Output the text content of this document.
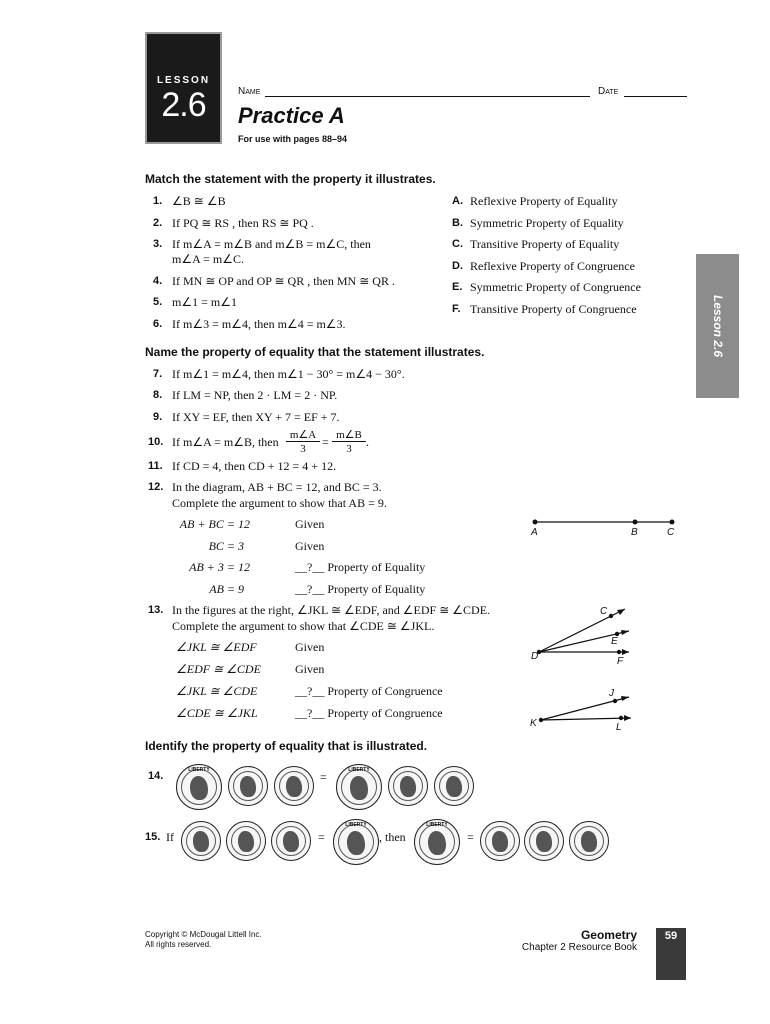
LESSON
2.6	Name	Date
Practice A
For use with pages 88–94
Lesson 2.6
Match the statement with the property it illustrates.
1. ∠B ≅ ∠B
2. If PQ ≅ RS , then RS ≅ PQ .
3. If m∠A = m∠B and m∠B = m∠C, then
m∠A = m∠C.
4. If MN ≅ OP and OP ≅ QR , then MN ≅ QR .
5. m∠1 = m∠1
6. If m∠3 = m∠4, then m∠4 = m∠3.
A. Reflexive Property of Equality
B. Symmetric Property of Equality
C. Transitive Property of Equality
D. Reflexive Property of Congruence
E. Symmetric Property of Congruence
F. Transitive Property of Congruence
Name the property of equality that the statement illustrates.
7. If m∠1 = m∠4, then m∠1 − 30° = m∠4 − 30°.
8. If LM = NP, then 2 · LM = 2 · NP.
9. If XY = EF, then XY + 7 = EF + 7.
10. If m∠A = m∠B, then	m∠A
3	= m∠B
3	.
11. If CD = 4, then CD + 12 = 4 + 12.
12. In the diagram, AB + BC = 12, and BC = 3.
Complete the argument to show that AB = 9.
AB + BC = 12	Given
BC = 3	Given
AB + 3 = 12	__?__ Property of Equality
AB = 9	__?__ Property of Equality
A	B	C
13. In the figures at the right, ∠JKL ≅ ∠EDF, and ∠EDF ≅ ∠CDE.
Complete the argument to show that ∠CDE ≅ ∠JKL.
∠JKL ≅ ∠EDF	Given
∠EDF ≅ ∠CDE	Given
∠JKL ≅ ∠CDE	__?__ Property of Congruence
∠CDE ≅ ∠JKL	__?__ Property of Congruence
C
E
D	F
J
K	L
Identify the property of equality that is illustrated.
14.	LIBERTY	=	LIBERTY
15. If	=
LIBERTY
, then
LIBERTY
=
Copyright © McDougal Littell Inc.
All rights reserved.
Geometry
Chapter 2 Resource Book
59
